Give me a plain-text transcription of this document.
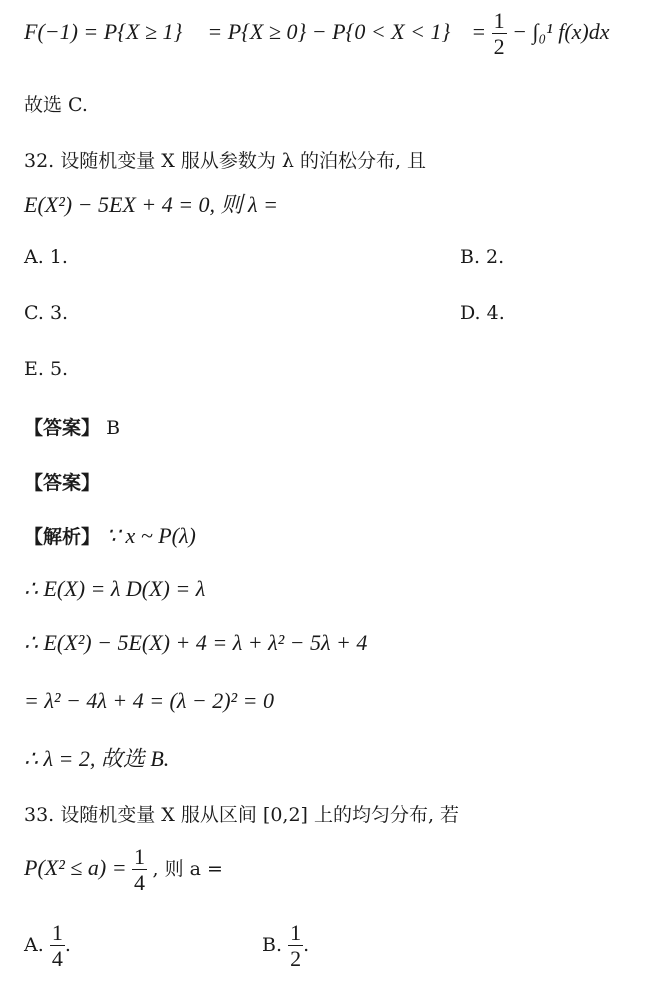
$F(-1) = P\{X \ge 1\} = P\{X \ge 0\} - P\{0 < X < 1\} = \frac{1}{2} - \int_0^1$ f(x)dx
故选 C.
32. 设随机变量 X 服从参数为 λ 的泊松分布, 且
E(X²) − 5EX + 4 = 0, 则 λ =
A. 1.	B. 2.
C. 3.	D. 4.
E. 5.
【答案】 B
【答案】
【解析】 ∵ x ~ P(λ)
∴ E(X) = λ D(X) = λ
∴ E(X²) − 5E(X) + 4 = λ + λ² − 5λ + 4
= λ² − 4λ + 4 = (λ − 2)² = 0
∴ λ = 2, 故选 B.
33. 设随机变量 X 服从区间 [0,2] 上的均匀分布, 若
$P(X^2 \le a) = \frac{1}{4}$ , 则 a =
A. $\frac{1}{4}$ .	B. $\frac{1}{2}$ .
